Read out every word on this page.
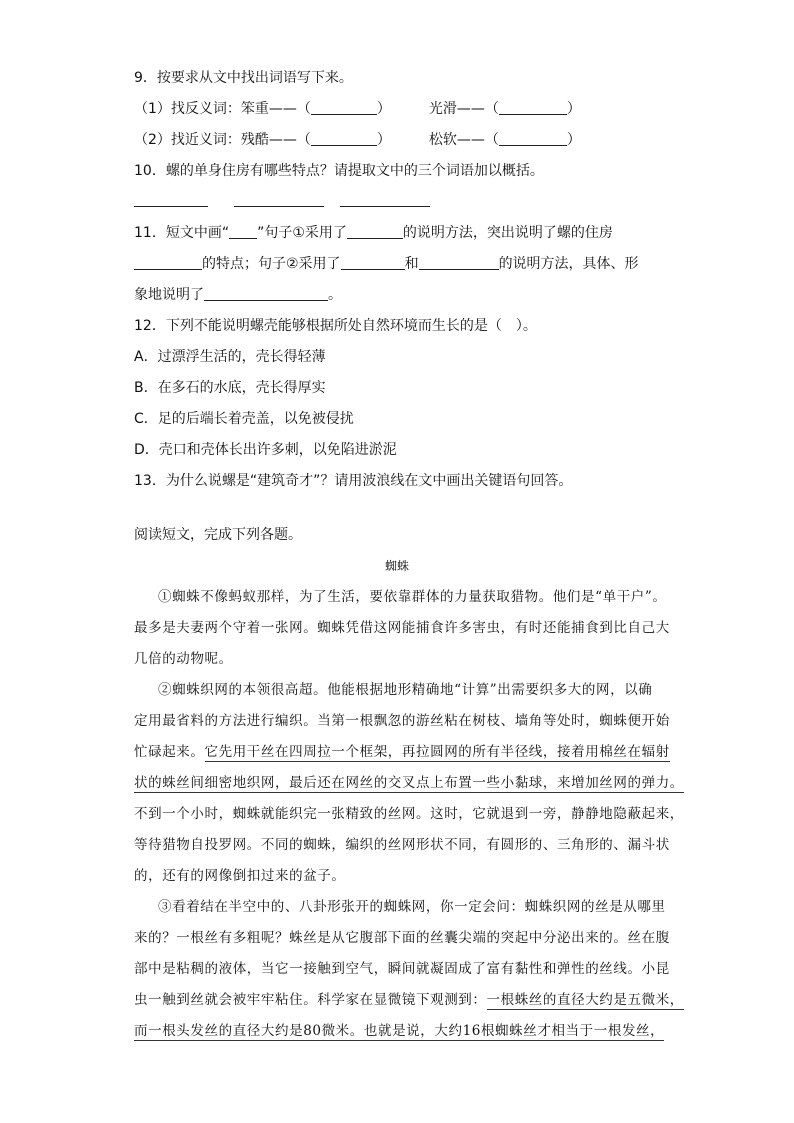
9．按要求从文中找出词语写下来。
（1）找反义词：笨重——（	）	光滑——（	）
（2）找近义词：残酷——（	）	松软——（	）
10．螺的单身住房有哪些特点？请提取文中的三个词语加以概括。
11．短文中画“ ”句子①采用了	的说明方法，突出说明了螺的住房
的特点；句子②采用了	和	的说明方法，具体、形
象地说明了	。
12．下列不能说明螺壳能够根据所处自然环境而生长的是（　）。
A．过漂浮生活的，壳长得轻薄
B．在多石的水底，壳长得厚实
C．足的后端长着壳盖，以免被侵扰
D．壳口和壳体长出许多刺，以免陷进淤泥
13．为什么说螺是“建筑奇才”？请用波浪线在文中画出关键语句回答。
阅读短文，完成下列各题。
蜘蛛
①蜘蛛不像蚂蚁那样，为了生活，要依靠群体的力量获取猎物。他们是“单干户”。
最多是夫妻两个守着一张网。蜘蛛凭借这网能捕食许多害虫，有时还能捕食到比自己大
几倍的动物呢。
②蜘蛛织网的本领很高超。他能根据地形精确地“计算”出需要织多大的网，以确
定用最省料的方法进行编织。当第一根飘忽的游丝粘在树枝、墙角等处时，蜘蛛便开始
忙碌起来。它先用干丝在四周拉一个框架，再拉圆网的所有半径线，接着用棉丝在辐射
状的蛛丝间细密地织网，最后还在网丝的交叉点上布置一些小黏球，来增加丝网的弹力。
不到一个小时，蜘蛛就能织完一张精致的丝网。这时，它就退到一旁，静静地隐蔽起来，
等待猎物自投罗网。不同的蜘蛛，编织的丝网形状不同，有圆形的、三角形的、漏斗状
的，还有的网像倒扣过来的盆子。
③看着结在半空中的、八卦形张开的蜘蛛网，你一定会问：蜘蛛织网的丝是从哪里
来的？一根丝有多粗呢？蛛丝是从它腹部下面的丝囊尖端的突起中分泌出来的。丝在腹
部中是粘稠的液体，当它一接触到空气，瞬间就凝固成了富有黏性和弹性的丝线。小昆
虫一触到丝就会被牢牢粘住。科学家在显微镜下观测到：一根蛛丝的直径大约是五微米，
而一根头发丝的直径大约是80微米。也就是说，大约16根蜘蛛丝才相当于一根发丝，
